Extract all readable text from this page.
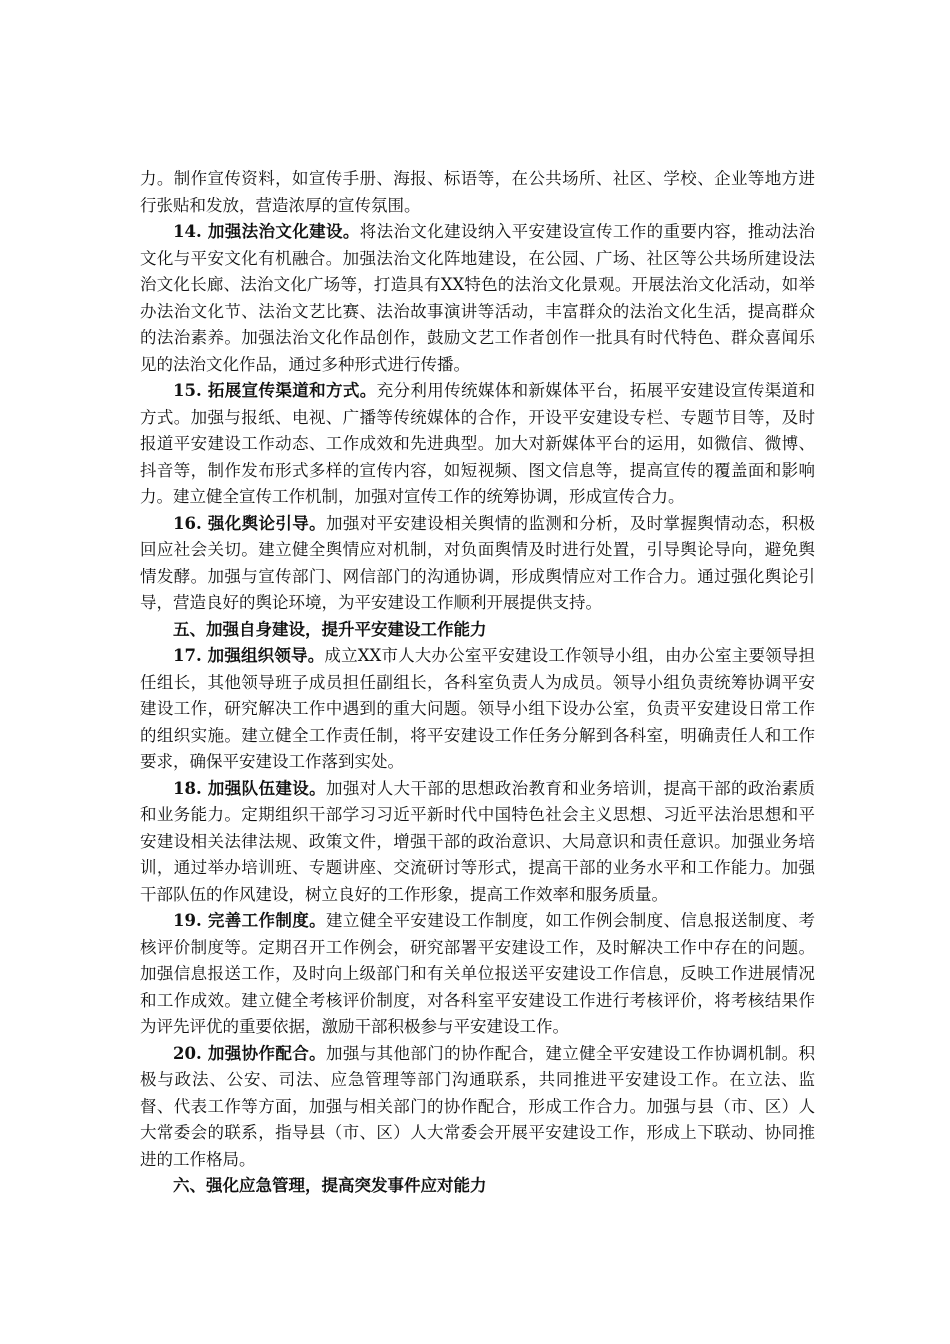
力。制作宣传资料，如宣传手册、海报、标语等，在公共场所、社区、学校、企业等地方进行张贴和发放，营造浓厚的宣传氛围。

14. 加强法治文化建设。将法治文化建设纳入平安建设宣传工作的重要内容，推动法治文化与平安文化有机融合。加强法治文化阵地建设，在公园、广场、社区等公共场所建设法治文化长廊、法治文化广场等，打造具有XX特色的法治文化景观。开展法治文化活动，如举办法治文化节、法治文艺比赛、法治故事演讲等活动，丰富群众的法治文化生活，提高群众的法治素养。加强法治文化作品创作，鼓励文艺工作者创作一批具有时代特色、群众喜闻乐见的法治文化作品，通过多种形式进行传播。

15. 拓展宣传渠道和方式。充分利用传统媒体和新媒体平台，拓展平安建设宣传渠道和方式。加强与报纸、电视、广播等传统媒体的合作，开设平安建设专栏、专题节目等，及时报道平安建设工作动态、工作成效和先进典型。加大对新媒体平台的运用，如微信、微博、抖音等，制作发布形式多样的宣传内容，如短视频、图文信息等，提高宣传的覆盖面和影响力。建立健全宣传工作机制，加强对宣传工作的统筹协调，形成宣传合力。

16. 强化舆论引导。加强对平安建设相关舆情的监测和分析，及时掌握舆情动态，积极回应社会关切。建立健全舆情应对机制，对负面舆情及时进行处置，引导舆论导向，避免舆情发酵。加强与宣传部门、网信部门的沟通协调，形成舆情应对工作合力。通过强化舆论引导，营造良好的舆论环境，为平安建设工作顺利开展提供支持。

五、加强自身建设，提升平安建设工作能力

17. 加强组织领导。成立XX市人大办公室平安建设工作领导小组，由办公室主要领导担任组长，其他领导班子成员担任副组长，各科室负责人为成员。领导小组负责统筹协调平安建设工作，研究解决工作中遇到的重大问题。领导小组下设办公室，负责平安建设日常工作的组织实施。建立健全工作责任制，将平安建设工作任务分解到各科室，明确责任人和工作要求，确保平安建设工作落到实处。

18. 加强队伍建设。加强对人大干部的思想政治教育和业务培训，提高干部的政治素质和业务能力。定期组织干部学习习近平新时代中国特色社会主义思想、习近平法治思想和平安建设相关法律法规、政策文件，增强干部的政治意识、大局意识和责任意识。加强业务培训，通过举办培训班、专题讲座、交流研讨等形式，提高干部的业务水平和工作能力。加强干部队伍的作风建设，树立良好的工作形象，提高工作效率和服务质量。

19. 完善工作制度。建立健全平安建设工作制度，如工作例会制度、信息报送制度、考核评价制度等。定期召开工作例会，研究部署平安建设工作，及时解决工作中存在的问题。加强信息报送工作，及时向上级部门和有关单位报送平安建设工作信息，反映工作进展情况和工作成效。建立健全考核评价制度，对各科室平安建设工作进行考核评价，将考核结果作为评先评优的重要依据，激励干部积极参与平安建设工作。

20. 加强协作配合。加强与其他部门的协作配合，建立健全平安建设工作协调机制。积极与政法、公安、司法、应急管理等部门沟通联系，共同推进平安建设工作。在立法、监督、代表工作等方面，加强与相关部门的协作配合，形成工作合力。加强与县（市、区）人大常委会的联系，指导县（市、区）人大常委会开展平安建设工作，形成上下联动、协同推进的工作格局。

六、强化应急管理，提高突发事件应对能力
